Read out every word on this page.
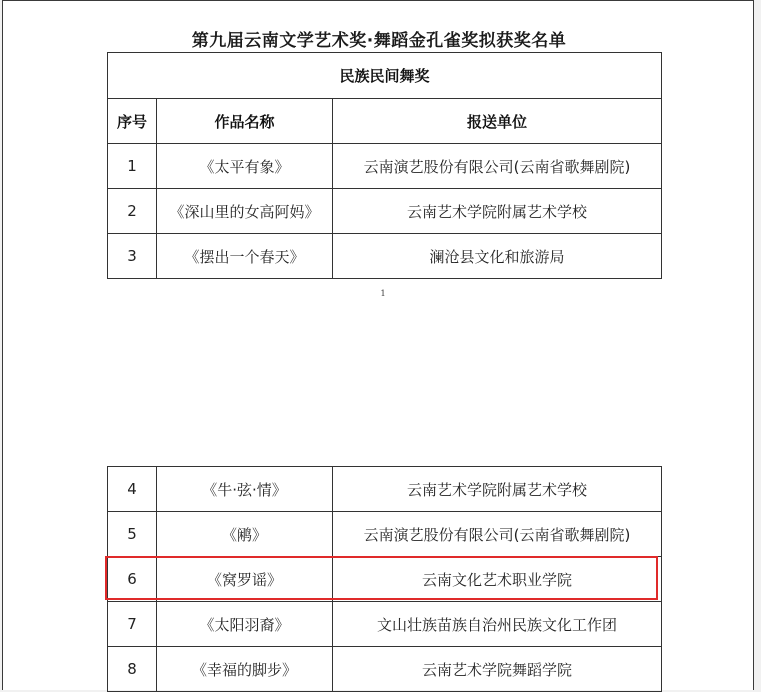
第九届云南文学艺术奖·舞蹈金孔雀奖拟获奖名单
民族民间舞奖		
序号	作品名称	报送单位
1	《太平有象》	云南演艺股份有限公司(云南省歌舞剧院)
2	《深山里的女高阿妈》	云南艺术学院附属艺术学校
3	《摆出一个春天》	澜沧县文化和旅游局
1
4	《牛·弦·情》	云南艺术学院附属艺术学校
5	《鹇》	云南演艺股份有限公司(云南省歌舞剧院)
6	《窝罗谣》	云南文化艺术职业学院
7	《太阳羽裔》	文山壮族苗族自治州民族文化工作团
8	《幸福的脚步》	云南艺术学院舞蹈学院
